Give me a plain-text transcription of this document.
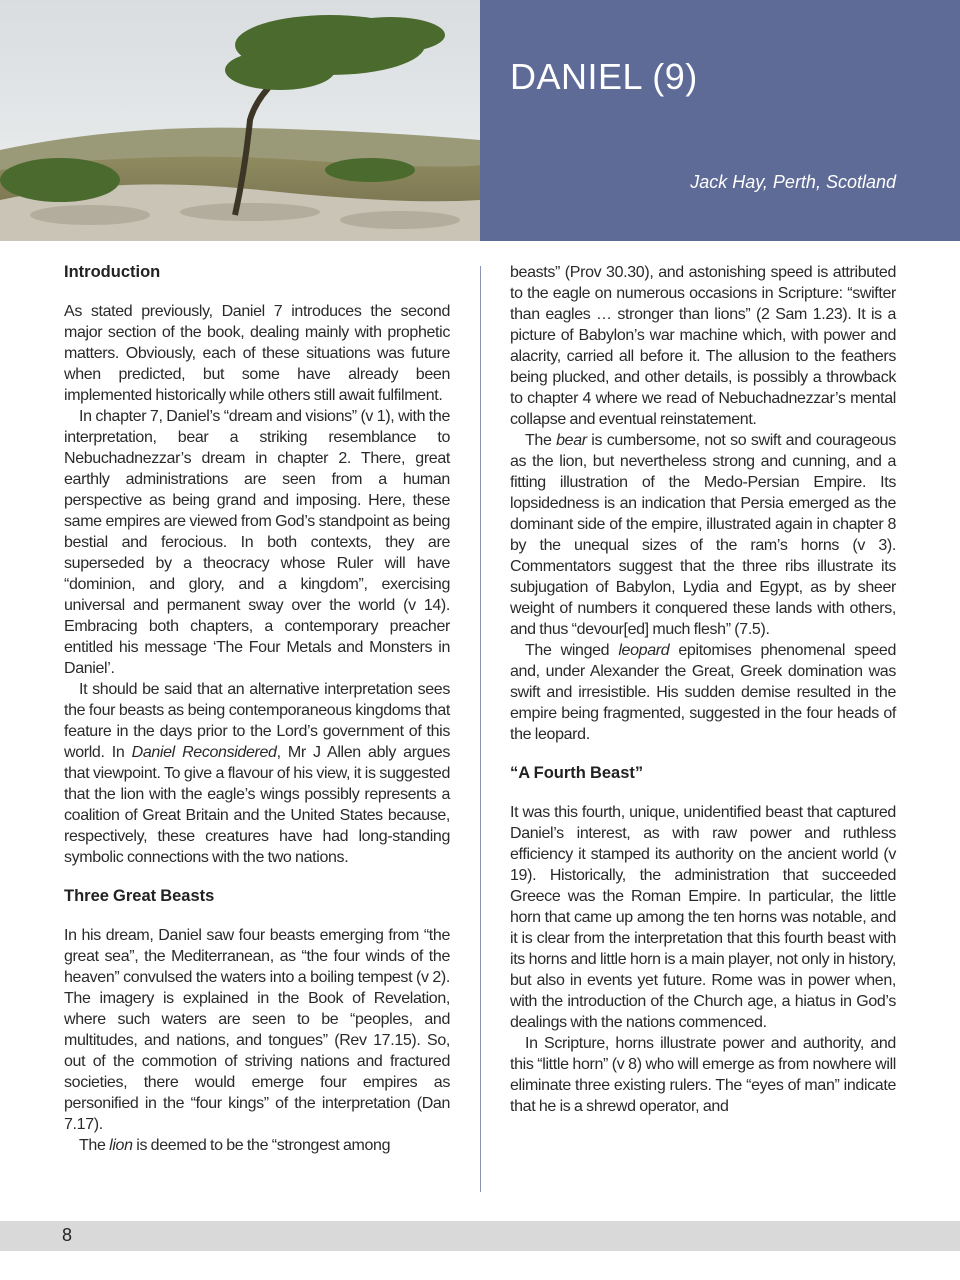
DANIEL (9)
Jack Hay, Perth, Scotland
Introduction

As stated previously, Daniel 7 introduces the second major section of the book, dealing mainly with prophetic matters. Obviously, each of these situations was future when predicted, but some have already been implemented historically while others still await fulfilment.

In chapter 7, Daniel’s “dream and visions” (v 1), with the interpretation, bear a striking resemblance to Nebuchadnezzar’s dream in chapter 2. There, great earthly administrations are seen from a human perspective as being grand and imposing. Here, these same empires are viewed from God’s standpoint as being bestial and ferocious. In both contexts, they are superseded by a theocracy whose Ruler will have “dominion, and glory, and a kingdom”, exercising universal and permanent sway over the world (v 14). Embracing both chapters, a contemporary preacher entitled his message ‘The Four Metals and Monsters in Daniel’.

It should be said that an alternative interpretation sees the four beasts as being contemporaneous kingdoms that feature in the days prior to the Lord’s government of this world. In Daniel Reconsidered, Mr J Allen ably argues that viewpoint. To give a flavour of his view, it is suggested that the lion with the eagle’s wings possibly represents a coalition of Great Britain and the United States because, respectively, these creatures have had long-standing symbolic connections with the two nations.

Three Great Beasts

In his dream, Daniel saw four beasts emerging from “the great sea”, the Mediterranean, as “the four winds of the heaven” convulsed the waters into a boiling tempest (v 2). The imagery is explained in the Book of Revelation, where such waters are seen to be “peoples, and multitudes, and nations, and tongues” (Rev 17.15). So, out of the commotion of striving nations and fractured societies, there would emerge four empires as personified in the “four kings” of the interpretation (Dan 7.17).

The lion is deemed to be the “strongest among

beasts” (Prov 30.30), and astonishing speed is attributed to the eagle on numerous occasions in Scripture: “swifter than eagles … stronger than lions” (2 Sam 1.23). It is a picture of Babylon’s war machine which, with power and alacrity, carried all before it. The allusion to the feathers being plucked, and other details, is possibly a throwback to chapter 4 where we read of Nebuchadnezzar’s mental collapse and eventual reinstatement.

The bear is cumbersome, not so swift and courageous as the lion, but nevertheless strong and cunning, and a fitting illustration of the Medo-Persian Empire. Its lopsidedness is an indication that Persia emerged as the dominant side of the empire, illustrated again in chapter 8 by the unequal sizes of the ram’s horns (v 3). Commentators suggest that the three ribs illustrate its subjugation of Babylon, Lydia and Egypt, as by sheer weight of numbers it conquered these lands with others, and thus “devour[ed] much flesh” (7.5).

The winged leopard epitomises phenomenal speed and, under Alexander the Great, Greek domination was swift and irresistible. His sudden demise resulted in the empire being fragmented, suggested in the four heads of the leopard.

“A Fourth Beast”

It was this fourth, unique, unidentified beast that captured Daniel’s interest, as with raw power and ruthless efficiency it stamped its authority on the ancient world (v 19). Historically, the administration that succeeded Greece was the Roman Empire. In particular, the little horn that came up among the ten horns was notable, and it is clear from the interpretation that this fourth beast with its horns and little horn is a main player, not only in history, but also in events yet future. Rome was in power when, with the introduction of the Church age, a hiatus in God’s dealings with the nations commenced.

In Scripture, horns illustrate power and authority, and this “little horn” (v 8) who will emerge as from nowhere will eliminate three existing rulers. The “eyes of man” indicate that he is a shrewd operator, and

8
